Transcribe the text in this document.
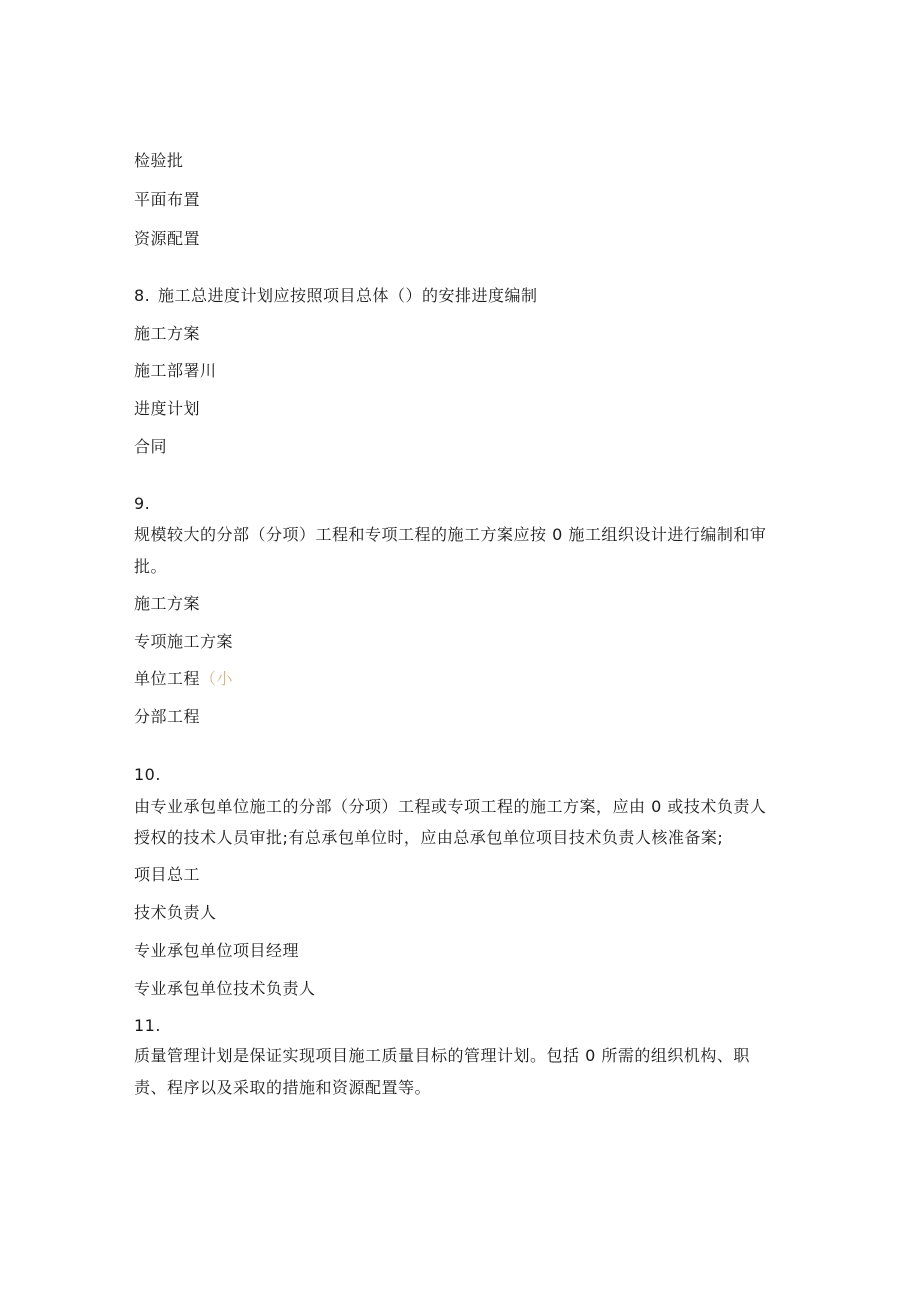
检验批
平面布置
资源配置
8. 施工总进度计划应按照项目总体（）的安排进度编制
施工方案
施工部署川
进度计划
合同
9.
规模较大的分部（分项）工程和专项工程的施工方案应按 0 施工组织设计进行编制和审
批。
施工方案
专项施工方案
单位工程（小
分部工程
10.
由专业承包单位施工的分部（分项）工程或专项工程的施工方案，应由 0 或技术负责人
授权的技术人员审批;有总承包单位时，应由总承包单位项目技术负责人核准备案;
项目总工
技术负责人
专业承包单位项目经理
专业承包单位技术负责人
11.
质量管理计划是保证实现项目施工质量目标的管理计划。包括 0 所需的组织机构、职
责、程序以及采取的措施和资源配置等。
